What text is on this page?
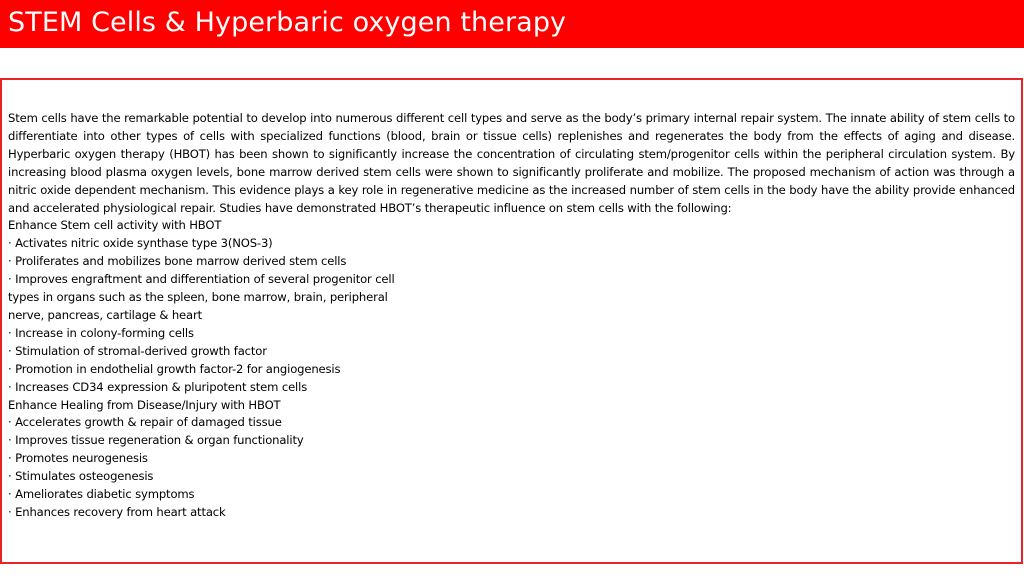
STEM Cells & Hyperbaric oxygen therapy

Stem cells have the remarkable potential to develop into numerous different cell types and serve as the body’s primary internal repair system. The innate ability of stem cells to differentiate into other types of cells with specialized functions (blood, brain or tissue cells) replenishes and regenerates the body from the effects of aging and disease. Hyperbaric oxygen therapy (HBOT) has been shown to significantly increase the concentration of circulating stem/progenitor cells within the peripheral circulation system. By increasing blood plasma oxygen levels, bone marrow derived stem cells were shown to significantly proliferate and mobilize. The proposed mechanism of action was through a nitric oxide dependent mechanism. This evidence plays a key role in regenerative medicine as the increased number of stem cells in the body have the ability provide enhanced and accelerated physiological repair. Studies have demonstrated HBOT’s therapeutic influence on stem cells with the following:

Enhance Stem cell activity with HBOT
· Activates nitric oxide synthase type 3(NOS-3)
· Proliferates and mobilizes bone marrow derived stem cells
· Improves engraftment and differentiation of several progenitor cell
types in organs such as the spleen, bone marrow, brain, peripheral
nerve, pancreas, cartilage & heart
· Increase in colony-forming cells
· Stimulation of stromal-derived growth factor
· Promotion in endothelial growth factor-2 for angiogenesis
· Increases CD34 expression & pluripotent stem cells
Enhance Healing from Disease/Injury with HBOT
· Accelerates growth & repair of damaged tissue
· Improves tissue regeneration & organ functionality
· Promotes neurogenesis
· Stimulates osteogenesis
· Ameliorates diabetic symptoms
· Enhances recovery from heart attack
